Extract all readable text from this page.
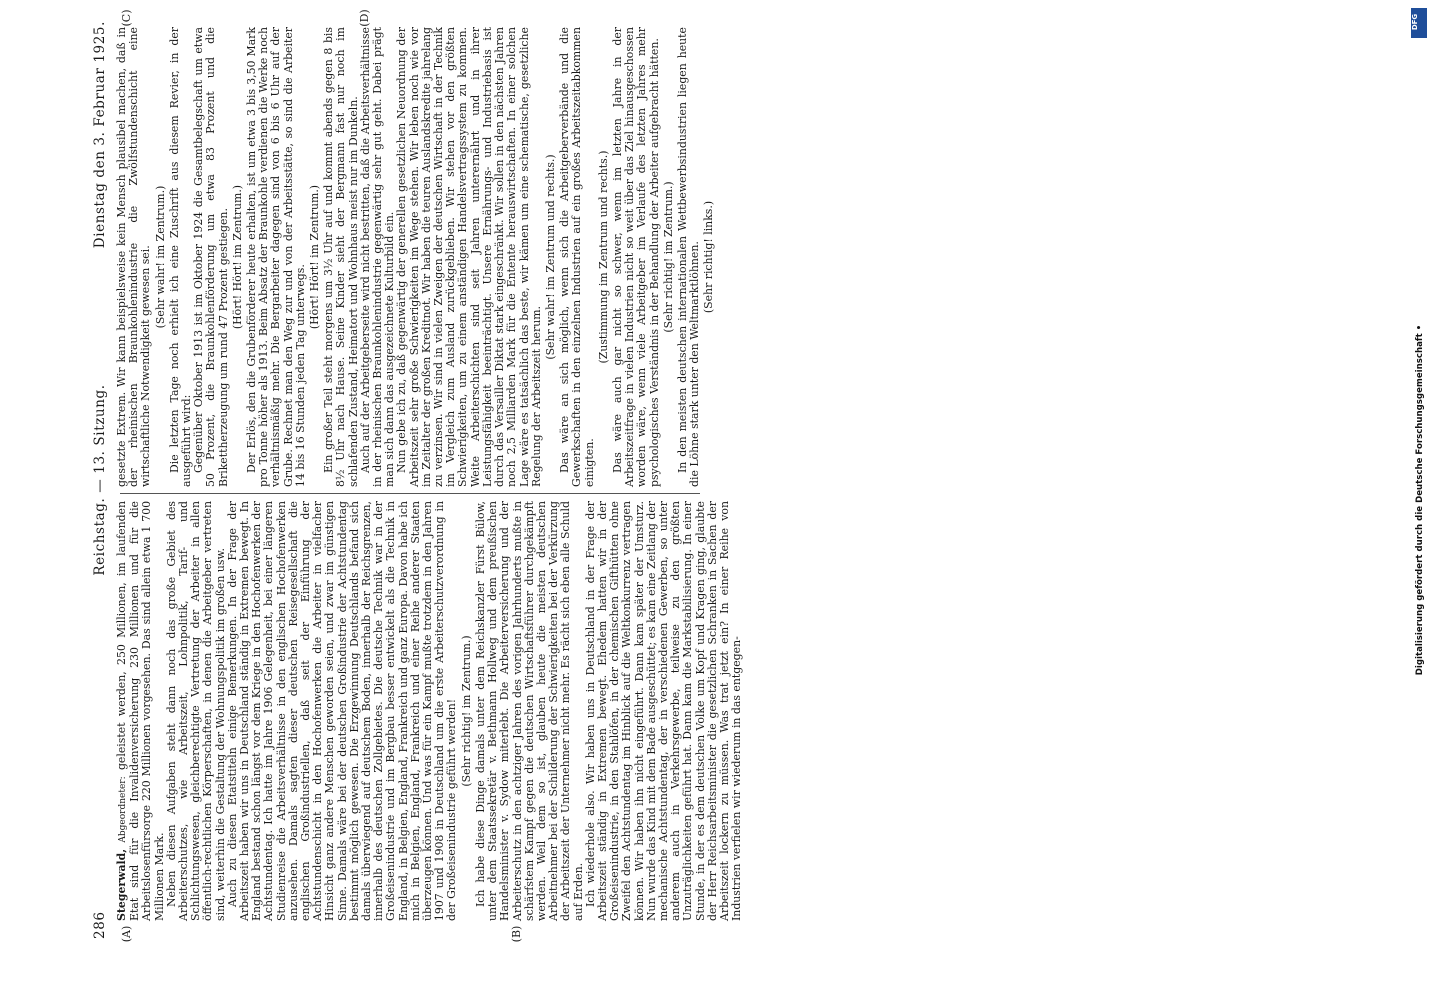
286
Reichstag. — 13. Sitzung.
Dienstag den 3. Februar 1925.
(A)	(B)
(C)	(D)

Stegerwald, Abgeordneter: geleistet werden, 250 Millionen, im laufenden Etat sind für die Invalidenversicherung 230 Millionen und für die Arbeitslosenfürsorge 220 Millionen vorgesehen. Das sind allein etwa 1 700 Millionen Mark. Neben diesen Aufgaben steht dann noch das große Gebiet des Arbeiterschutzes, wie Arbeitszeit, Lohnpolitik, Tarif- und Schlichtungswesen, gleichberechtigte Vertretung der Arbeiter in allen öffentlich-rechtlichen Körperschaften, in denen die Arbeitgeber vertreten sind, weiterhin die Gestaltung der Wohnungspolitik im großen usw. Auch zu diesen Etatstiteln einige Bemerkungen. In der Frage der Arbeitszeit haben wir uns in Deutschland ständig in Extremen bewegt. In England bestand schon längst vor dem Kriege in den Hochofenwerken der Achtstundentag. Ich hatte im Jahre 1906 Gelegenheit, bei einer längeren Studienreise die Arbeitsverhältnisse in den englischen Hochofenwerken anzusehen. Damals sagten dieser deutschen Reisegesellschaft die englischen Großindustriellen, daß seit der Einführung der Achtstundenschicht in den Hochofenwerken die Arbeiter in vielfacher Hinsicht ganz andere Menschen geworden seien, und zwar im günstigen Sinne. Damals wäre bei der deutschen Großindustrie der Achtstundentag bestimmt möglich gewesen. Die Erzgewinnung Deutschlands befand sich damals überwiegend auf deutschem Boden, innerhalb der Reichsgrenzen, innerhalb des deutschen Zollgebietes. Die deutsche Technik war in der Großeisenindustrie und im Bergbau besser entwickelt als die Technik in England, in Belgien, England, Frankreich und ganz Europa. Davon habe ich mich in Belgien, England, Frankreich und einer Reihe anderer Staaten überzeugen können. Und was für ein Kampf mußte trotzdem in den Jahren 1907 und 1908 in Deutschland um die erste Arbeiterschutzverordnung in der Großeisenindustrie geführt werden! (Sehr richtig! im Zentrum.) Ich habe diese Dinge damals unter dem Reichskanzler Fürst Bülow, unter dem Staatssekretär v. Bethmann Hollweg und dem preußischen Handelsminister v. Sydow miterlebt. Die Arbeiterversicherung und der Arbeiterschutz in den achtziger Jahren des vorigen Jahrhunderts mußte in schärfstem Kampf gegen die deutschen Wirtschaftsführer durchgekämpft werden. Weil dem so ist, glauben heute die meisten deutschen Arbeitnehmer bei der Schilderung der Schwierigkeiten bei der Verkürzung der Arbeitszeit der Unternehmer nicht mehr. Es rächt sich eben alle Schuld auf Erden. Ich wiederhole also. Wir haben uns in Deutschland in der Frage der Arbeitszeit ständig in Extremen bewegt. Ehedem hatten wir in der Großeisenindustrie, in den Stahlöfen, in der chemischen Gifthütten ohne Zweifel den Achtstundentag im Hinblick auf die Weltkonkurrenz vertragen können. Wir haben ihn nicht eingeführt. Dann kam später der Umsturz. Nun wurde das Kind mit dem Bade ausgeschüttet; es kam eine Zeitlang der mechanische Achtstundentag, der in verschiedenen Gewerben, so unter anderem auch in Verkehrsgewerbe, teilweise zu den größten Unzuträglichkeiten geführt hat. Dann kam die Markstabilisierung. In einer Stunde, in der es dem deutschen Volke um Kopf und Kragen ging, glaubte der Herr Reichsarbeitsminister die gesetzlichen Schranken in Sachen der Arbeitszeit lockern zu müssen. Was trat jetzt ein? In einer Reihe von Industrien verfielen wir wiederum in das entgegen-

gesetzte Extrem. Wir kann beispielsweise kein Mensch plausibel machen, daß in der rheinischen Braunkohlenindustrie die Zwölfstundenschicht eine wirtschaftliche Notwendigkeit gewesen sei. (Sehr wahr! im Zentrum.) Die letzten Tage noch erhielt ich eine Zuschrift aus diesem Revier, in der ausgeführt wird: Gegenüber Oktober 1913 ist im Oktober 1924 die Gesamtbelegschaft um etwa 50 Prozent, die Braunkohlenförderung um etwa 83 Prozent und die Brikettherzeugung um rund 47 Prozent gestiegen. (Hört! Hört! im Zentrum.) Der Erlös, den die Grubenförderer heute erhalten, ist um etwa 3 bis 3,50 Mark pro Tonne höher als 1913. Beim Absatz der Braunkohle verdienen die Werke noch verhältnismäßig mehr. Die Bergarbeiter dagegen sind von 6 bis 6 Uhr auf der Grube. Rechnet man den Weg zur und von der Arbeitsstätte, so sind die Arbeiter 14 bis 16 Stunden jeden Tag unterwegs.

(Hört! Hört! im Zentrum.) Ein großer Teil steht morgens um 3½ Uhr auf und kommt abends gegen 8 bis 8½ Uhr nach Hause. Seine Kinder sieht der Bergmann fast nur noch im schlafenden Zustand, Heimatort und Wohnhaus meist nur im Dunkeln. Auch auf der Arbeitgeberseite wird nicht bestritten, daß die Arbeitsverhältnisse in der rheinischen Braunkohlenindustrie gegenwärtig sehr gut geht. Dabei prägt man sich dann das ausgezeichnete Kulturbild ein. Nun gebe ich zu, daß gegenwärtig der generellen gesetzlichen Neuordnung der Arbeitszeit sehr große Schwierigkeiten im Wege stehen. Wir leben noch wie vor im Zeitalter der großen Kreditnot. Wir haben die teuren Auslandskredite jahrelang zu verzinsen. Wir sind in vielen Zweigen der deutschen Wirtschaft in der Technik im Vergleich zum Ausland zurückgeblieben. Wir stehen vor den größten Schwierigkeiten, um zu einem anständigen Handelsvertragssystem zu kommen. Weite Arbeiterschichten sind seit Jahren unterernährt und in ihrer Leistungsfähigkeit beeinträchtigt. Unsere Ernährungs- und Industriebasis ist durch das Versailler Diktat stark eingeschränkt. Wir sollen in den nächsten Jahren noch 2,5 Milliarden Mark für die Entente herauswirtschaften. In einer solchen Lage wäre es tatsächlich das beste, wir kämen um eine schematische, gesetzliche Regelung der Arbeitszeit herum.

(Sehr wahr! im Zentrum und rechts.) Das wäre an sich möglich, wenn sich die Arbeitgeberverbände und die Gewerkschaften in den einzelnen Industrien auf ein großes Arbeitszeitabkommen einigten.

(Zustimmung im Zentrum und rechts.) Das wäre auch gar nicht so schwer, wenn im letzten Jahre in der Arbeitszeitfrage in vielen Industrien nicht so weit über das Ziel hinausgeschossen worden wäre, wenn viele Arbeitgeber im Verlaufe des letzten Jahres mehr psychologisches Verständnis in der Behandlung der Arbeiter aufgebracht hätten. (Sehr richtig! im Zentrum.) In den meisten deutschen internationalen Wettbewerbsindustrien liegen heute die Löhne stark unter den Weltmarktlöhnen. (Sehr richtig! links.)

DFG
Digitalisierung gefördert durch die Deutsche Forschungsgemeinschaft •
